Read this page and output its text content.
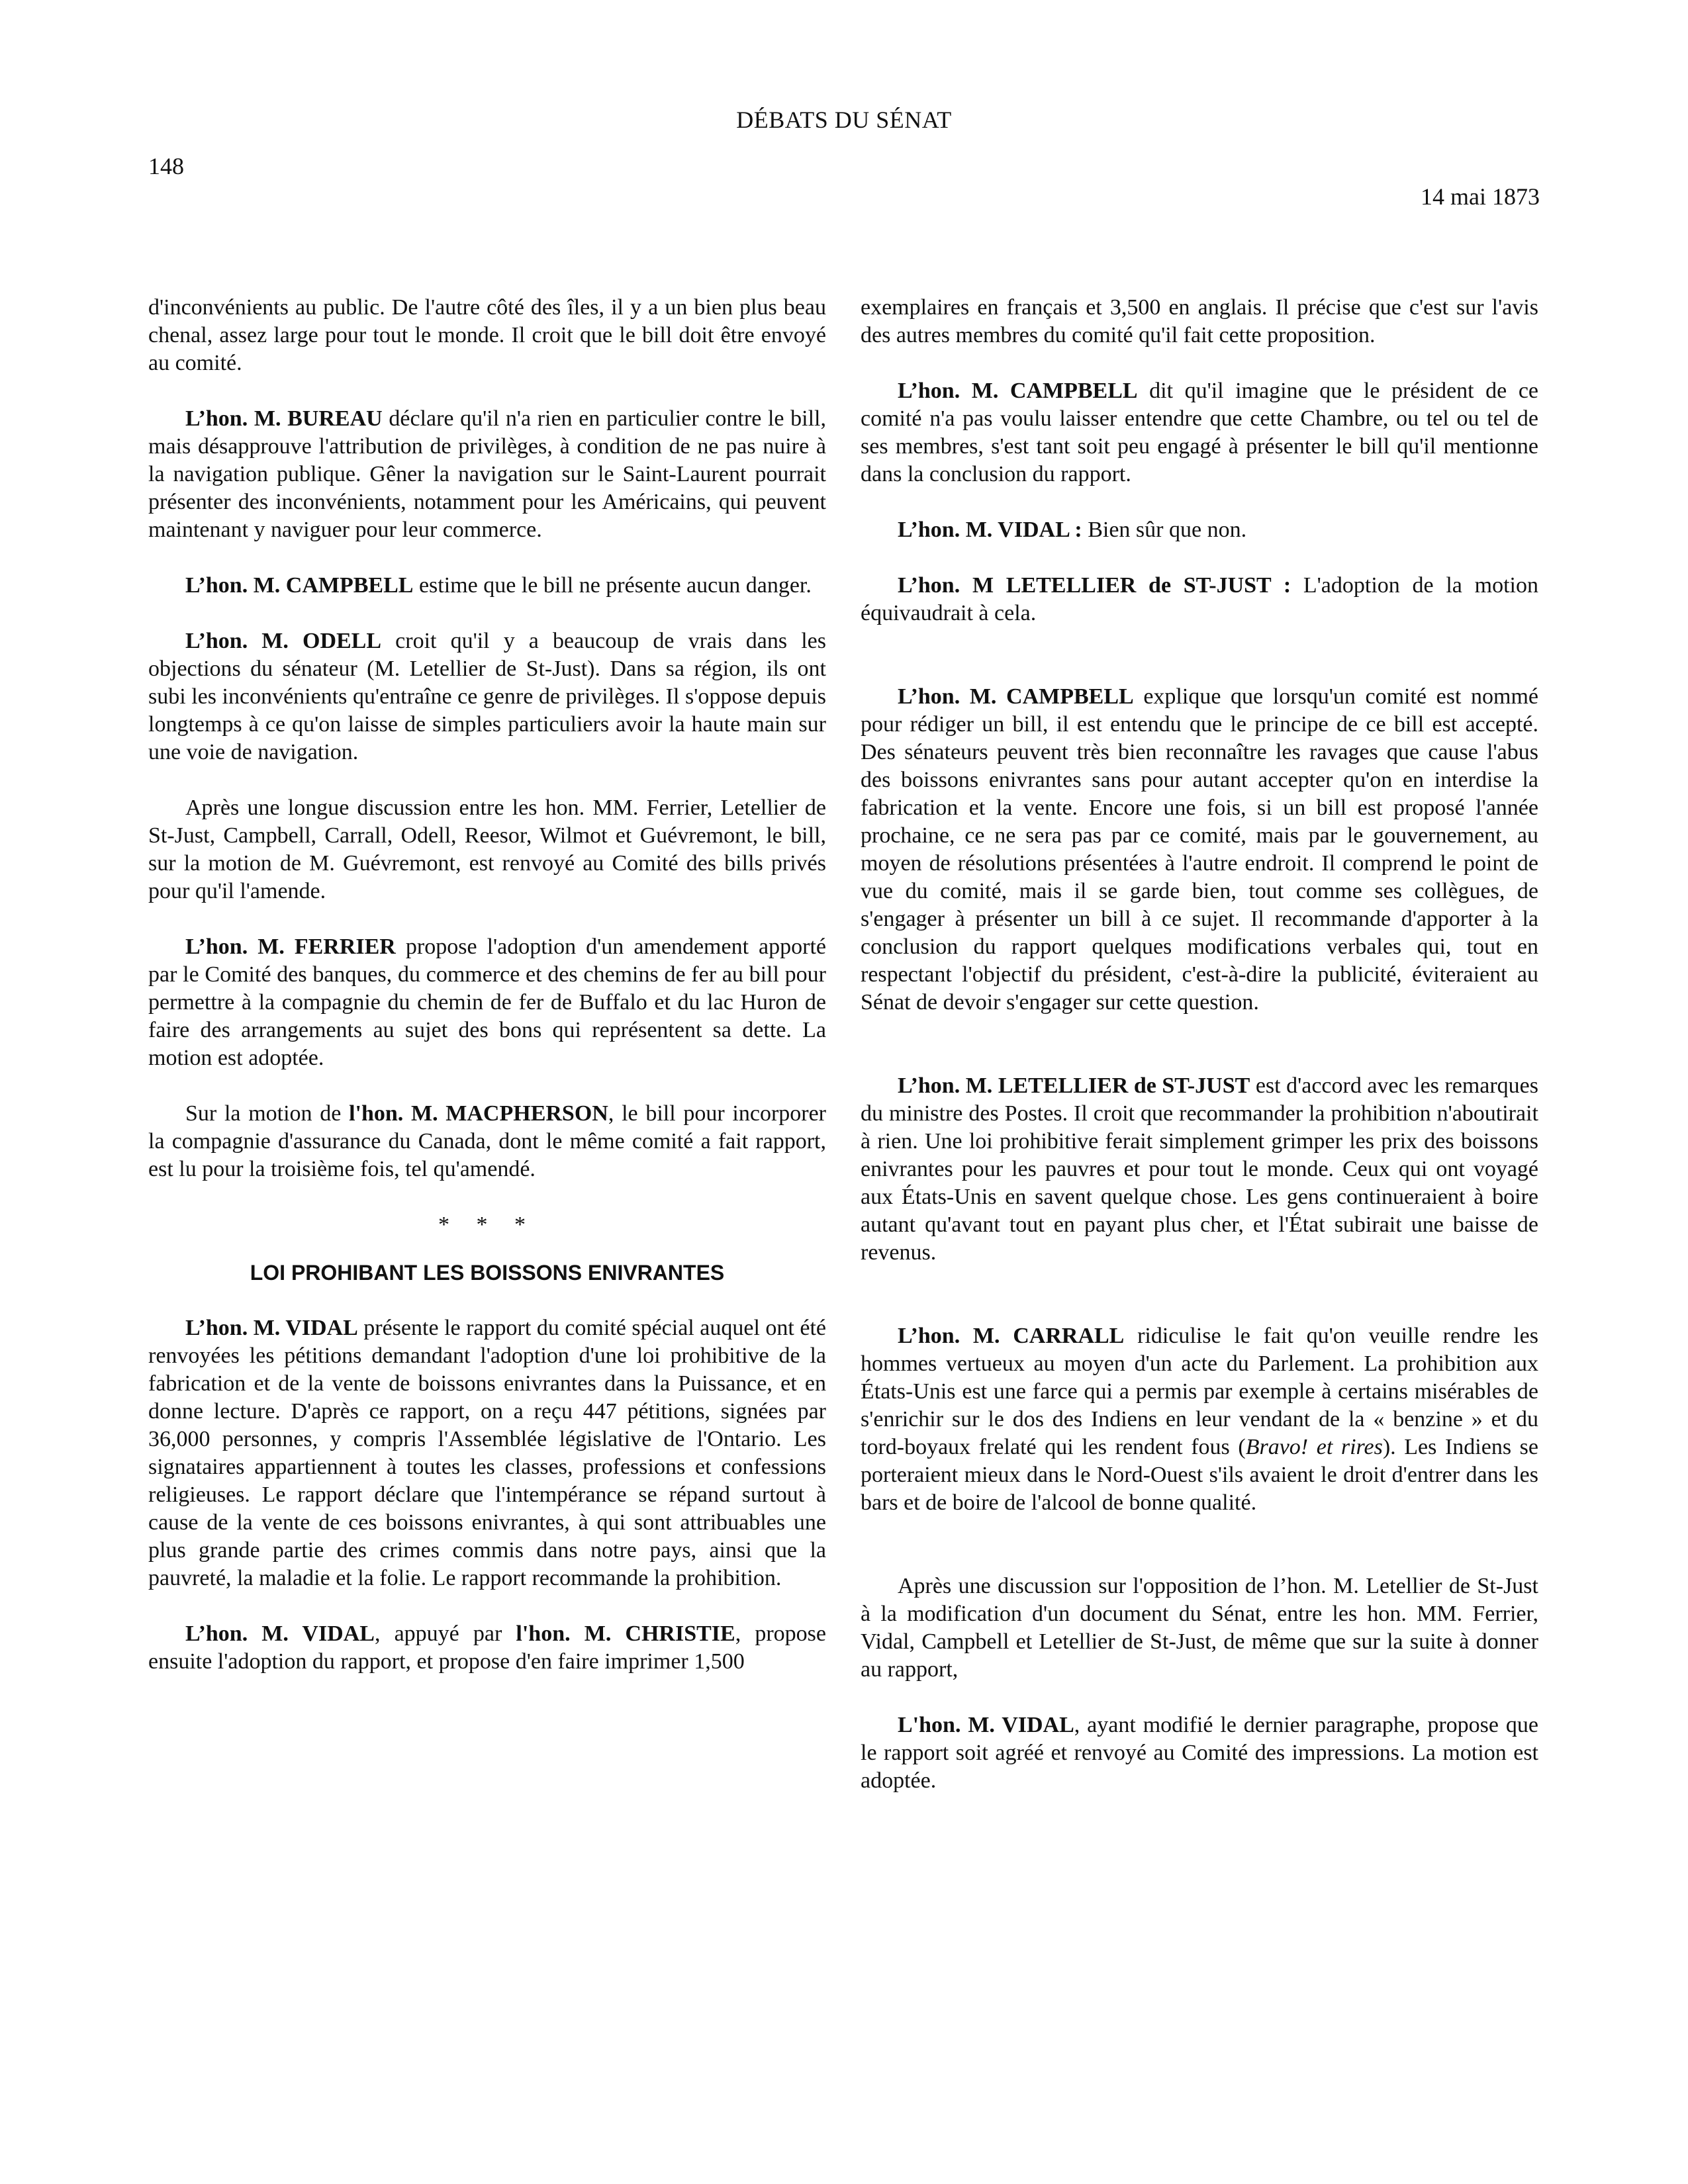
DÉBATS DU SÉNAT
148
14 mai 1873

d'inconvénients au public. De l'autre côté des îles, il y a un bien plus beau chenal, assez large pour tout le monde. Il croit que le bill doit être envoyé au comité.

L’hon. M. BUREAU déclare qu'il n'a rien en particulier contre le bill, mais désapprouve l'attribution de privilèges, à condition de ne pas nuire à la navigation publique. Gêner la navigation sur le Saint-Laurent pourrait présenter des inconvénients, notamment pour les Américains, qui peuvent maintenant y naviguer pour leur commerce.

L’hon. M. CAMPBELL estime que le bill ne présente aucun danger.

L’hon. M. ODELL croit qu'il y a beaucoup de vrais dans les objections du sénateur (M. Letellier de St-Just). Dans sa région, ils ont subi les inconvénients qu'entraîne ce genre de privilèges. Il s'oppose depuis longtemps à ce qu'on laisse de simples particuliers avoir la haute main sur une voie de navigation.

Après une longue discussion entre les hon. MM. Ferrier, Letellier de St-Just, Campbell, Carrall, Odell, Reesor, Wilmot et Guévremont, le bill, sur la motion de M. Guévremont, est renvoyé au Comité des bills privés pour qu'il l'amende.

L’hon. M. FERRIER propose l'adoption d'un amendement apporté par le Comité des banques, du commerce et des chemins de fer au bill pour permettre à la compagnie du chemin de fer de Buffalo et du lac Huron de faire des arrangements au sujet des bons qui représentent sa dette. La motion est adoptée.

Sur la motion de l'hon. M. MACPHERSON, le bill pour incorporer la compagnie d'assurance du Canada, dont le même comité a fait rapport, est lu pour la troisième fois, tel qu'amendé.

* * *
LOI PROHIBANT LES BOISSONS ENIVRANTES

L’hon. M. VIDAL présente le rapport du comité spécial auquel ont été renvoyées les pétitions demandant l'adoption d'une loi prohibitive de la fabrication et de la vente de boissons enivrantes dans la Puissance, et en donne lecture. D'après ce rapport, on a reçu 447 pétitions, signées par 36,000 personnes, y compris l'Assemblée législative de l'Ontario. Les signataires appartiennent à toutes les classes, professions et confessions religieuses. Le rapport déclare que l'intempérance se répand surtout à cause de la vente de ces boissons enivrantes, à qui sont attribuables une plus grande partie des crimes commis dans notre pays, ainsi que la pauvreté, la maladie et la folie. Le rapport recommande la prohibition.

L’hon. M. VIDAL, appuyé par l'hon. M. CHRISTIE, propose ensuite l'adoption du rapport, et propose d'en faire imprimer 1,500

exemplaires en français et 3,500 en anglais. Il précise que c'est sur l'avis des autres membres du comité qu'il fait cette proposition.

L’hon. M. CAMPBELL dit qu'il imagine que le président de ce comité n'a pas voulu laisser entendre que cette Chambre, ou tel ou tel de ses membres, s'est tant soit peu engagé à présenter le bill qu'il mentionne dans la conclusion du rapport.

L’hon. M. VIDAL : Bien sûr que non.

L’hon. M LETELLIER de ST-JUST : L'adoption de la motion équivaudrait à cela.

L’hon. M. CAMPBELL explique que lorsqu'un comité est nommé pour rédiger un bill, il est entendu que le principe de ce bill est accepté. Des sénateurs peuvent très bien reconnaître les ravages que cause l'abus des boissons enivrantes sans pour autant accepter qu'on en interdise la fabrication et la vente. Encore une fois, si un bill est proposé l'année prochaine, ce ne sera pas par ce comité, mais par le gouvernement, au moyen de résolutions présentées à l'autre endroit. Il comprend le point de vue du comité, mais il se garde bien, tout comme ses collègues, de s'engager à présenter un bill à ce sujet. Il recommande d'apporter à la conclusion du rapport quelques modifications verbales qui, tout en respectant l'objectif du président, c'est-à-dire la publicité, éviteraient au Sénat de devoir s'engager sur cette question.

L’hon. M. LETELLIER de ST-JUST est d'accord avec les remarques du ministre des Postes. Il croit que recommander la prohibition n'aboutirait à rien. Une loi prohibitive ferait simplement grimper les prix des boissons enivrantes pour les pauvres et pour tout le monde. Ceux qui ont voyagé aux États-Unis en savent quelque chose. Les gens continueraient à boire autant qu'avant tout en payant plus cher, et l'État subirait une baisse de revenus.

L’hon. M. CARRALL ridiculise le fait qu'on veuille rendre les hommes vertueux au moyen d'un acte du Parlement. La prohibition aux États-Unis est une farce qui a permis par exemple à certains misérables de s'enrichir sur le dos des Indiens en leur vendant de la « benzine » et du tord-boyaux frelaté qui les rendent fous (Bravo! et rires). Les Indiens se porteraient mieux dans le Nord-Ouest s'ils avaient le droit d'entrer dans les bars et de boire de l'alcool de bonne qualité.

Après une discussion sur l'opposition de l’hon. M. Letellier de St-Just à la modification d'un document du Sénat, entre les hon. MM. Ferrier, Vidal, Campbell et Letellier de St-Just, de même que sur la suite à donner au rapport,

L'hon. M. VIDAL, ayant modifié le dernier paragraphe, propose que le rapport soit agréé et renvoyé au Comité des impressions. La motion est adoptée.
